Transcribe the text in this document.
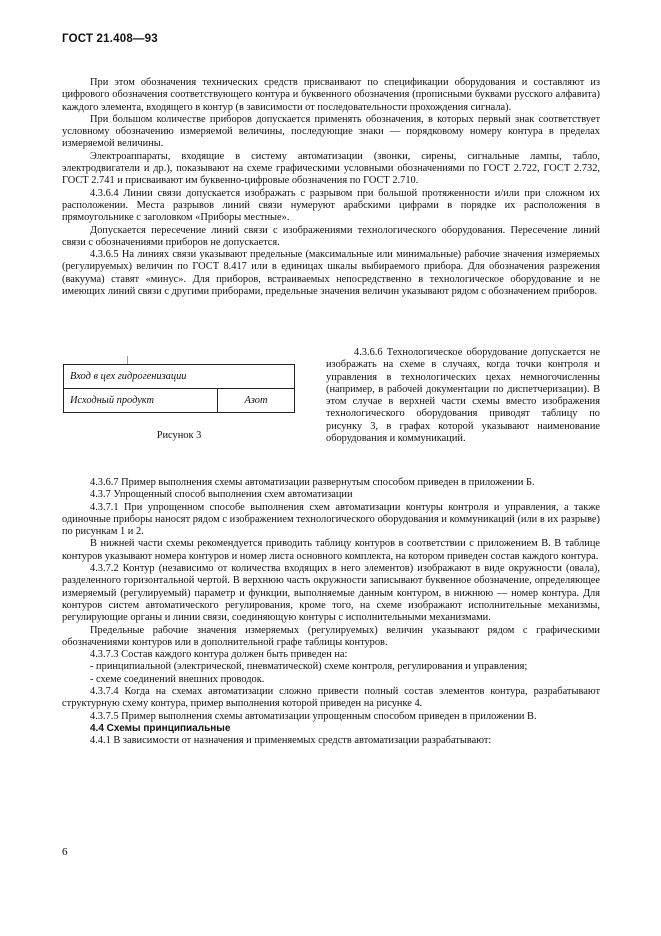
ГОСТ 21.408—93

При этом обозначения технических средств присваивают по спецификации оборудования и составляют из цифрового обозначения соответствующего контура и буквенного обозначения (прописными буквами русского алфавита) каждого элемента, входящего в контур (в зависимости от последовательности прохождения сигнала).

При большом количестве приборов допускается применять обозначения, в которых первый знак соответствует условному обозначению измеряемой величины, последующие знаки — порядковому номеру контура в пределах измеряемой величины.

Электроаппараты, входящие в систему автоматизации (звонки, сирены, сигнальные лампы, табло, электродвигатели и др.), показывают на схеме графическими условными обозначениями по ГОСТ 2.722, ГОСТ 2.732, ГОСТ 2.741 и присваивают им буквенно-цифровые обозначения по ГОСТ 2.710.

4.3.6.4 Линии связи допускается изображать с разрывом при большой протяженности и/или при сложном их расположении. Места разрывов линий связи нумеруют арабскими цифрами в порядке их расположения в прямоугольнике с заголовком «Приборы местные».

Допускается пересечение линий связи с изображениями технологического оборудования. Пересечение линий связи с обозначениями приборов не допускается.

4.3.6.5 На линиях связи указывают предельные (максимальные или минимальные) рабочие значения измеряемых (регулируемых) величин по ГОСТ 8.417 или в единицах шкалы выбираемого прибора. Для обозначения разрежения (вакуума) ставят «минус». Для приборов, встраиваемых непосредственно в технологическое оборудование и не имеющих линий связи с другими приборами, предельные значения величин указывают рядом с обозначением приборов.

Вход в цех гидрогенизации
Исходный продукт	Азот
Рисунок 3

4.3.6.6 Технологическое оборудование допускается не изображать на схеме в случаях, когда точки контроля и управления в технологических цехах немногочисленны (например, в рабочей документации по диспетчеризации). В этом случае в верхней части схемы вместо изображения технологического оборудования приводят таблицу по рисунку 3, в графах которой указывают наименование оборудования и коммуникаций.

4.3.6.7 Пример выполнения схемы автоматизации развернутым способом приведен в приложении Б.

4.3.7 Упрощенный способ выполнения схем автоматизации

4.3.7.1 При упрощенном способе выполнения схем автоматизации контуры контроля и управления, а также одиночные приборы наносят рядом с изображением технологического оборудования и коммуникаций (или в их разрыве) по рисункам 1 и 2.

В нижней части схемы рекомендуется приводить таблицу контуров в соответствии с приложением В. В таблице контуров указывают номера контуров и номер листа основного комплекта, на котором приведен состав каждого контура.

4.3.7.2 Контур (независимо от количества входящих в него элементов) изображают в виде окружности (овала), разделенного горизонтальной чертой. В верхнюю часть окружности записывают буквенное обозначение, определяющее измеряемый (регулируемый) параметр и функции, выполняемые данным контуром, в нижнюю — номер контура. Для контуров систем автоматического регулирования, кроме того, на схеме изображают исполнительные механизмы, регулирующие органы и линии связи, соединяющую контуры с исполнительными механизмами.

Предельные рабочие значения измеряемых (регулируемых) величин указывают рядом с графическими обозначениями контуров или в дополнительной графе таблицы контуров.

4.3.7.3 Состав каждого контура должен быть приведен на:

- принципиальной (электрической, пневматической) схеме контроля, регулирования и управления;

- схеме соединений внешних проводок.

4.3.7.4 Когда на схемах автоматизации сложно привести полный состав элементов контура, разрабатывают структурную схему контура, пример выполнения которой приведен на рисунке 4.

4.3.7.5 Пример выполнения схемы автоматизации упрощенным способом приведен в приложении В.

4.4 Схемы принципиальные

4.4.1 В зависимости от назначения и применяемых средств автоматизации разрабатывают:

6
